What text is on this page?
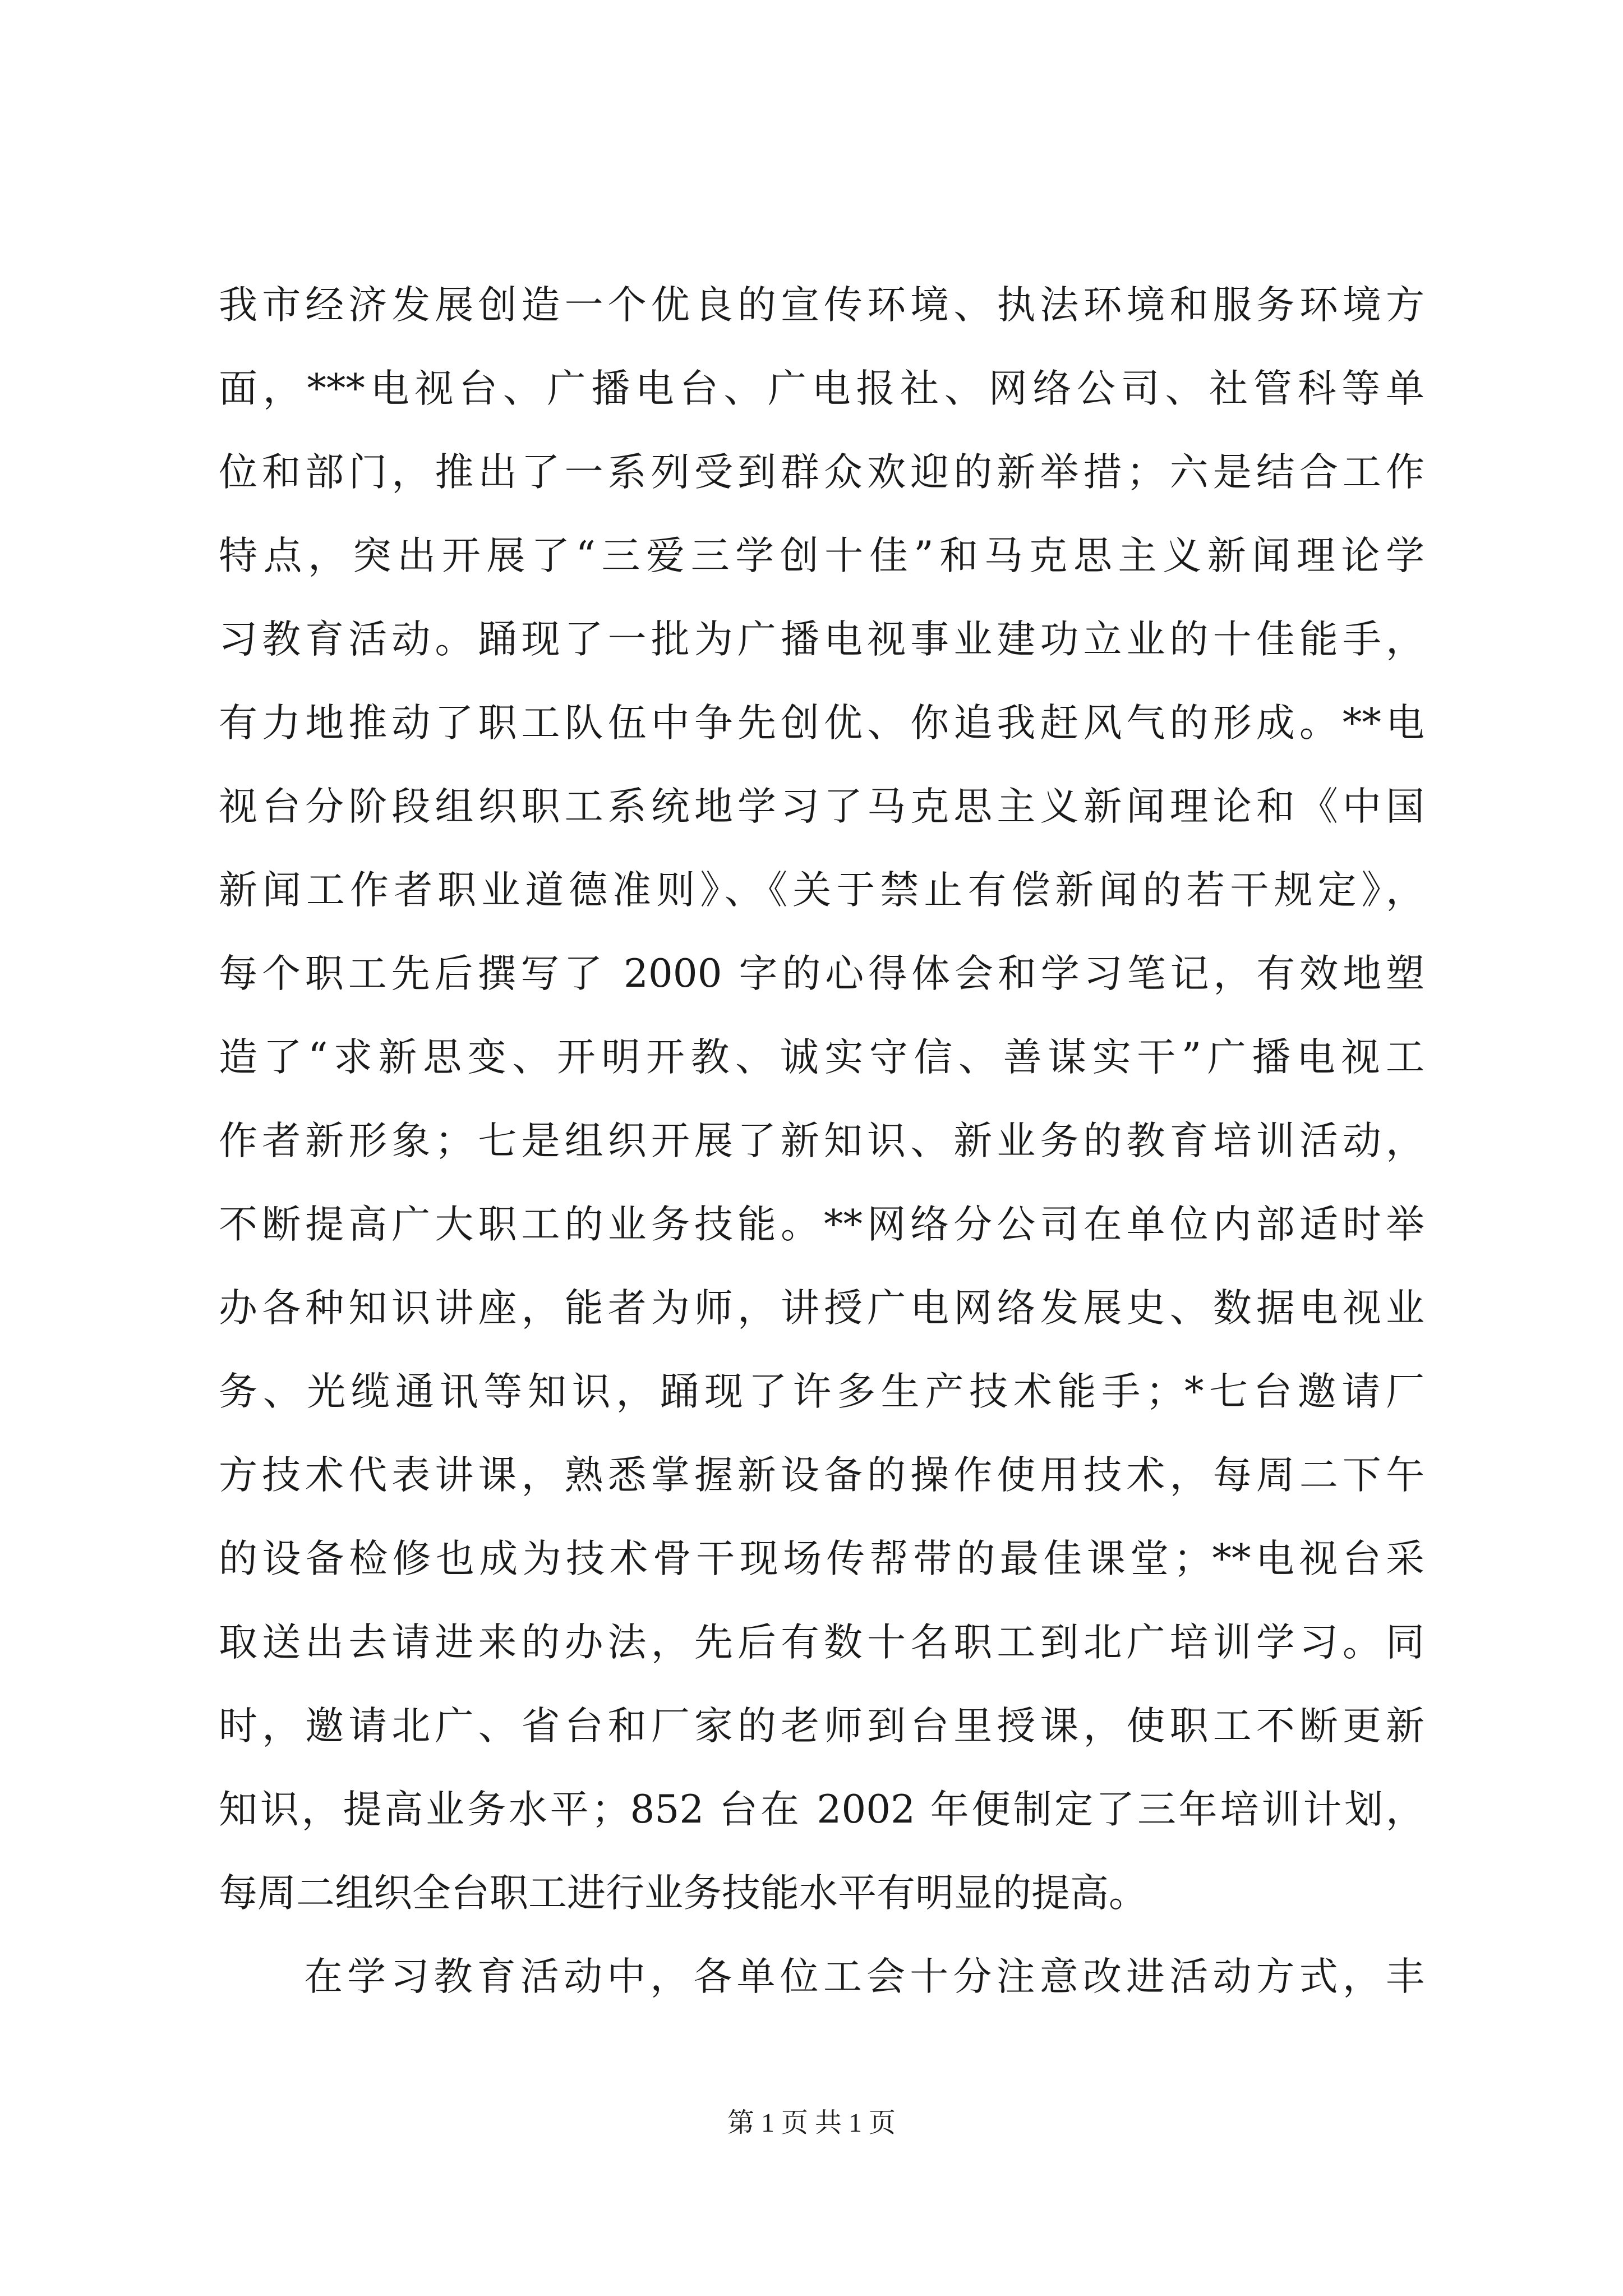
我市经济发展创造一个优良的宣传环境、执法环境和服务环境方
面，***电视台、广播电台、广电报社、网络公司、社管科等单
位和部门，推出了一系列受到群众欢迎的新举措；六是结合工作
特点，突出开展了“三爱三学创十佳”和马克思主义新闻理论学
习教育活动。踊现了一批为广播电视事业建功立业的十佳能手，
有力地推动了职工队伍中争先创优、你追我赶风气的形成。**电
视台分阶段组织职工系统地学习了马克思主义新闻理论和《中国
新闻工作者职业道德准则》、《关于禁止有偿新闻的若干规定》，
每个职工先后撰写了 2000 字的心得体会和学习笔记，有效地塑
造了“求新思变、开明开教、诚实守信、善谋实干”广播电视工
作者新形象；七是组织开展了新知识、新业务的教育培训活动，
不断提高广大职工的业务技能。**网络分公司在单位内部适时举
办各种知识讲座，能者为师，讲授广电网络发展史、数据电视业
务、光缆通讯等知识，踊现了许多生产技术能手；*七台邀请厂
方技术代表讲课，熟悉掌握新设备的操作使用技术，每周二下午
的设备检修也成为技术骨干现场传帮带的最佳课堂；**电视台采
取送出去请进来的办法，先后有数十名职工到北广培训学习。同
时，邀请北广、省台和厂家的老师到台里授课，使职工不断更新
知识，提高业务水平；852 台在 2002 年便制定了三年培训计划，
每周二组织全台职工进行业务技能水平有明显的提高。
在学习教育活动中，各单位工会十分注意改进活动方式，丰
第 1 页 共 1 页
